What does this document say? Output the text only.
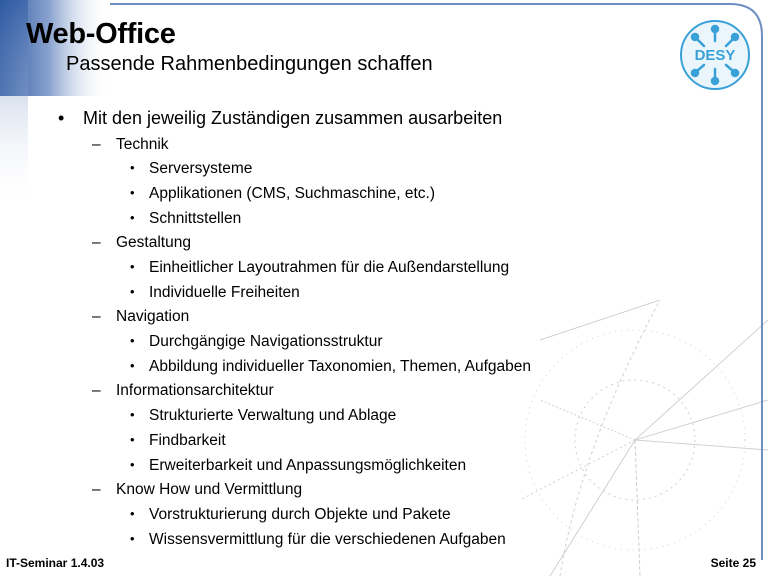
Web-Office
Passende Rahmenbedingungen schaffen	DESY
• Mit den jeweilig Zuständigen zusammen ausarbeiten
– Technik
• Serversysteme
• Applikationen (CMS, Suchmaschine, etc.)
• Schnittstellen
– Gestaltung
• Einheitlicher Layoutrahmen für die Außendarstellung
• Individuelle Freiheiten
– Navigation
• Durchgängige Navigationsstruktur
• Abbildung individueller Taxonomien, Themen, Aufgaben
– Informationsarchitektur
• Strukturierte Verwaltung und Ablage
• Findbarkeit
• Erweiterbarkeit und Anpassungsmöglichkeiten
– Know How und Vermittlung
• Vorstrukturierung durch Objekte und Pakete
• Wissensvermittlung für die verschiedenen Aufgaben
IT-Seminar 1.4.03	Seite 25
